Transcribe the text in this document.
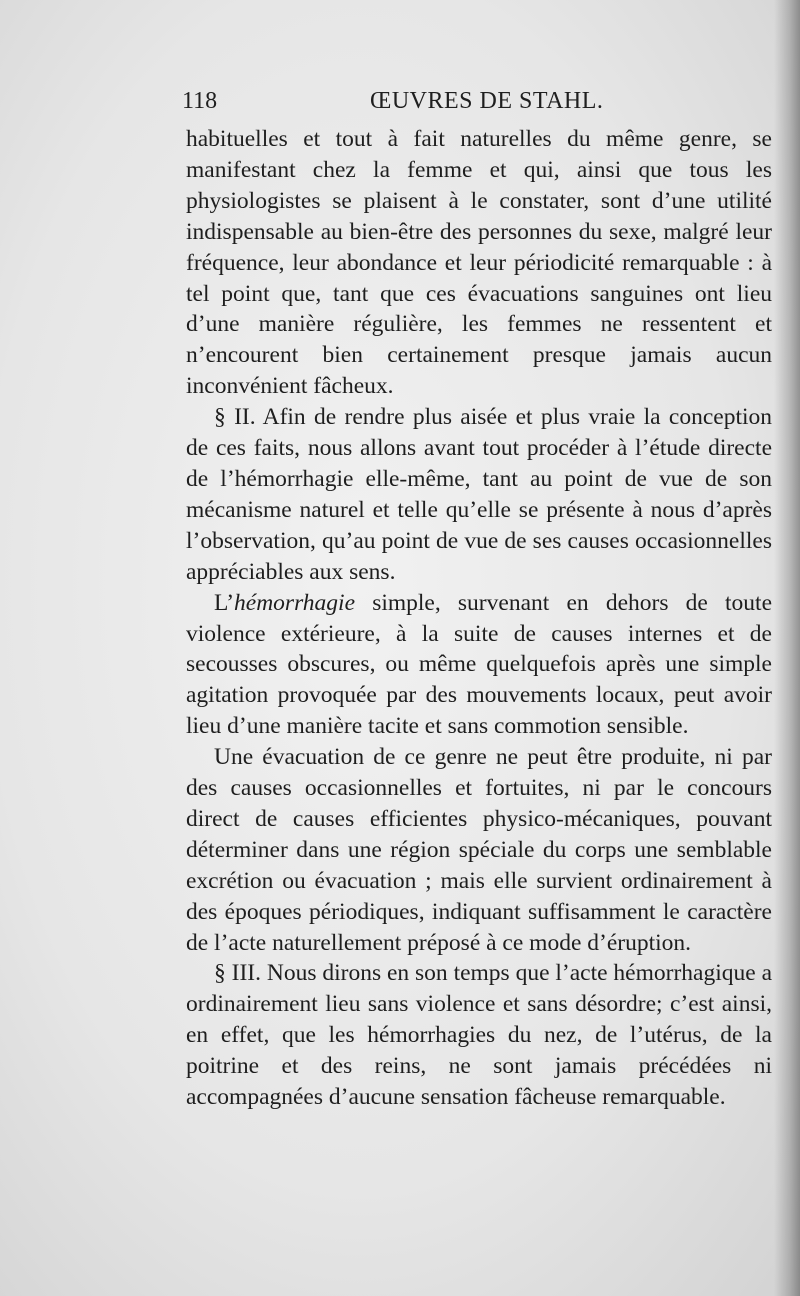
118	ŒUVRES DE STAHL.

habituelles et tout à fait naturelles du même genre, se manifestant chez la femme et qui, ainsi que tous les physiologistes se plaisent à le constater, sont d’une utilité indispensable au bien-être des personnes du sexe, malgré leur fréquence, leur abondance et leur périodicité remarquable : à tel point que, tant que ces évacuations sanguines ont lieu d’une manière régulière, les femmes ne ressentent et n’encourent bien certainement presque jamais aucun inconvénient fâcheux.

§ II. Afin de rendre plus aisée et plus vraie la conception de ces faits, nous allons avant tout procéder à l’étude directe de l’hémorrhagie elle-même, tant au point de vue de son mécanisme naturel et telle qu’elle se présente à nous d’après l’observation, qu’au point de vue de ses causes occasionnelles appréciables aux sens.

L’hémorrhagie simple, survenant en dehors de toute violence extérieure, à la suite de causes internes et de secousses obscures, ou même quelquefois après une simple agitation provoquée par des mouvements locaux, peut avoir lieu d’une manière tacite et sans commotion sensible.

Une évacuation de ce genre ne peut être produite, ni par des causes occasionnelles et fortuites, ni par le concours direct de causes efficientes physico-mécaniques, pouvant déterminer dans une région spéciale du corps une semblable excrétion ou évacuation ; mais elle survient ordinairement à des époques périodiques, indiquant suffisamment le caractère de l’acte naturellement préposé à ce mode d’éruption.

§ III. Nous dirons en son temps que l’acte hémorrhagique a ordinairement lieu sans violence et sans désordre; c’est ainsi, en effet, que les hémorrhagies du nez, de l’utérus, de la poitrine et des reins, ne sont jamais précédées ni accompagnées d’aucune sensation fâcheuse remarquable.
